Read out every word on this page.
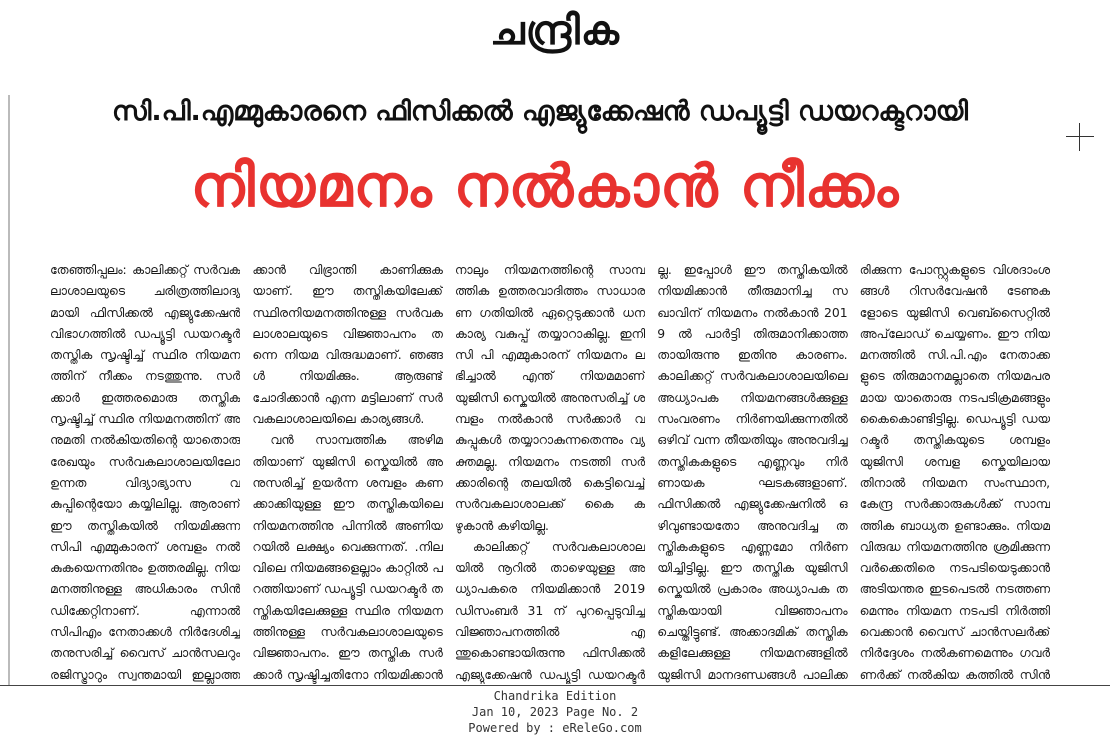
ചന്ദ്രിക
സി.പി.എമ്മുകാരനെ ഫിസിക്കൽ എജ്യുക്കേഷൻ ഡപ്യൂട്ടി ഡയറക്ടറായി
നിയമനം നൽകാൻ നീക്കം

തേഞ്ഞിപ്പലം: കാലിക്കറ്റ് സർവകലാശാലയുടെ ചരിത്രത്തിലാദ്യമായി ഫിസിക്കൽ എജ്യുക്കേഷൻ വിഭാഗത്തിൽ ഡപ്യൂട്ടി ഡയറക്ടർ തസ്തിക സൃഷ്ടിച്ച് സ്ഥിര നിയമനത്തിന് നീക്കം നടത്തുന്നു. സർക്കാർ ഇത്തരമൊരു തസ്തിക സൃഷ്ടിച്ച് സ്ഥിര നിയമനത്തിന് അനുമതി നൽകിയതിന്റെ യാതൊരു രേഖയും സർവകലാശാലയിലോ ഉന്നത വിദ്യാഭ്യാസ വകുപ്പിന്റെയോ കയ്യിലില്ല. ആരാണ് ഈ തസ്തികയിൽ നിയമിക്കുന്ന സിപി എമ്മുകാരന് ശമ്പളം നൽകുകയെന്നതിനും ഉത്തരമില്ല. നിയമനത്തിനുള്ള അധികാരം സിൻഡിക്കേറ്റിനാണ്. എന്നാൽ സിപിഎം നേതാക്കൾ നിർദേശിച്ചതനുസരിച്ച് വൈസ് ചാൻസലറും രജിസ്ട്രാറും സ്വന്തമായി ഇല്ലാത്ത

ക്കാൻ വിഭ്രാന്തി കാണിക്കുകയാണ്. ഈ തസ്തികയിലേക്ക് സ്ഥിരനിയമനത്തിനുള്ള സർവകലാശാലയുടെ വിജ്ഞാപനം തന്നെ നിയമ വിരുദ്ധമാണ്. ഞങ്ങൾ നിയമിക്കും. ആരുണ്ട് ചോദിക്കാൻ എന്ന മട്ടിലാണ് സർവകലാശാലയിലെ കാര്യങ്ങൾ.

വൻ സാമ്പത്തിക അഴിമതിയാണ് യുജിസി സ്കെയിൽ അനുസരിച്ച് ഉയർന്ന ശമ്പളം കണക്കാക്കിയുള്ള ഈ തസ്തികയിലെ നിയമനത്തിനു പിന്നിൽ അണിയറയിൽ ലക്ഷ്യം വെക്കുന്നത്. .നിലവിലെ നിയമങ്ങളെല്ലാം കാറ്റിൽ പറത്തിയാണ് ഡപ്യൂട്ടി ഡയറക്ടർ തസ്തികയിലേക്കുള്ള സ്ഥിര നിയമനത്തിനുള്ള സർവകലാശാലയുടെ വിജ്ഞാപനം. ഈ തസ്തിക സർക്കാർ സൃഷ്ടിച്ചതിനോ നിയമിക്കാൻ

നാലും നിയമനത്തിന്റെ സാമ്പത്തിക ഉത്തരവാദിത്തം സാധാരണ ഗതിയിൽ ഏറ്റെടുക്കാൻ ധനകാര്യ വകുപ്പ് തയ്യാറാകില്ല. ഇനി സി പി എമ്മുകാരന് നിയമനം ലഭിച്ചാൽ എന്ത് നിയമമാണ് യുജിസി സ്കെയിൽ അനുസരിച്ച് ശമ്പളം നൽകാൻ സർക്കാർ വകുപ്പുകൾ തയ്യാറാകുന്നതെന്നും വ്യക്തമല്ല. നിയമനം നടത്തി സർക്കാരിന്റെ തലയിൽ കെട്ടിവെച്ച് സർവകലാശാലക്ക് കൈ കഴുകാൻ കഴിയില്ല.

കാലിക്കറ്റ് സർവകലാശാലയിൽ നൂറിൽ താഴെയുള്ള അധ്യാപകരെ നിയമിക്കാൻ 2019 ഡിസംബർ 31 ന് പുറപ്പെടുവിച്ച വിജ്ഞാപനത്തിൽ എന്തുകൊണ്ടായിരുന്നു ഫിസിക്കൽ എജ്യുക്കേഷൻ ഡപ്യൂട്ടി ഡയറക്ടർ

ല്ല. ഇപ്പോൾ ഈ തസ്തികയിൽ നിയമിക്കാൻ തീരുമാനിച്ച സഖാവിന് നിയമനം നൽകാൻ 2019 ൽ പാർട്ടി തിരുമാനിക്കാത്തതായിരുന്നു ഇതിനു കാരണം. കാലിക്കറ്റ് സർവകലാശാലയിലെ അധ്യാപക നിയമനങ്ങൾക്കുള്ള സംവരണം നിർണയിക്കുന്നതിൽ ഒഴിവ് വന്ന തീയതിയും അനുവദിച്ച തസ്തികകളുടെ എണ്ണവും നിർണായക ഘടകങ്ങളാണ്. ഫിസിക്കൽ എജ്യുക്കേഷനിൽ ഒഴിവുണ്ടായതോ അനുവദിച്ച തസ്തികകളുടെ എണ്ണമോ നിർണയിച്ചിട്ടില്ല. ഈ തസ്തിക യുജിസി സ്കെയിൽ പ്രകാരം അധ്യാപക തസ്തികയായി വിജ്ഞാപനം ചെയ്തിട്ടുണ്ട്. അക്കാദമിക് തസ്തികകളിലേക്കുള്ള നിയമനങ്ങളിൽ യുജിസി മാനദണ്ഡങ്ങൾ പാലിക്ക

രിക്കുന്ന പോസ്റ്റുകളുടെ വിശദാംശങ്ങൾ റിസർവേഷൻ ടേണുകളോടെ യുജിസി വെബ്സൈറ്റിൽ അപ്‌ലോഡ് ചെയ്യണം. ഈ നിയമനത്തിൽ സി.പി.എം നേതാക്കളുടെ തിരുമാനമല്ലാതെ നിയമപരമായ യാതൊരു നടപടിക്രമങ്ങളും കൈകൊണ്ടിട്ടില്ല. ഡെപ്യൂട്ടി ഡയറക്ടർ തസ്തികയുടെ ശമ്പളം യുജിസി ശമ്പള സ്കെയിലായതിനാൽ നിയമന സംസ്ഥാന, കേന്ദ്ര സർക്കാരുകൾക്ക് സാമ്പത്തിക ബാധ്യത ഉണ്ടാക്കും. നിയമവിരുദ്ധ നിയമനത്തിനു ശ്രമിക്കുന്നവർക്കെതിരെ നടപടിയെടുക്കാൻ അടിയന്തര ഇടപെടൽ നടത്തണമെന്നും നിയമന നടപടി നിർത്തി വെക്കാൻ വൈസ് ചാൻസലർക്ക് നിർദ്ദേശം നൽകണമെന്നും ഗവർണർക്ക് നൽകിയ കത്തിൽ സിൻ

Chandrika Edition
Jan 10, 2023 Page No. 2
Powered by : eReleGo.com
